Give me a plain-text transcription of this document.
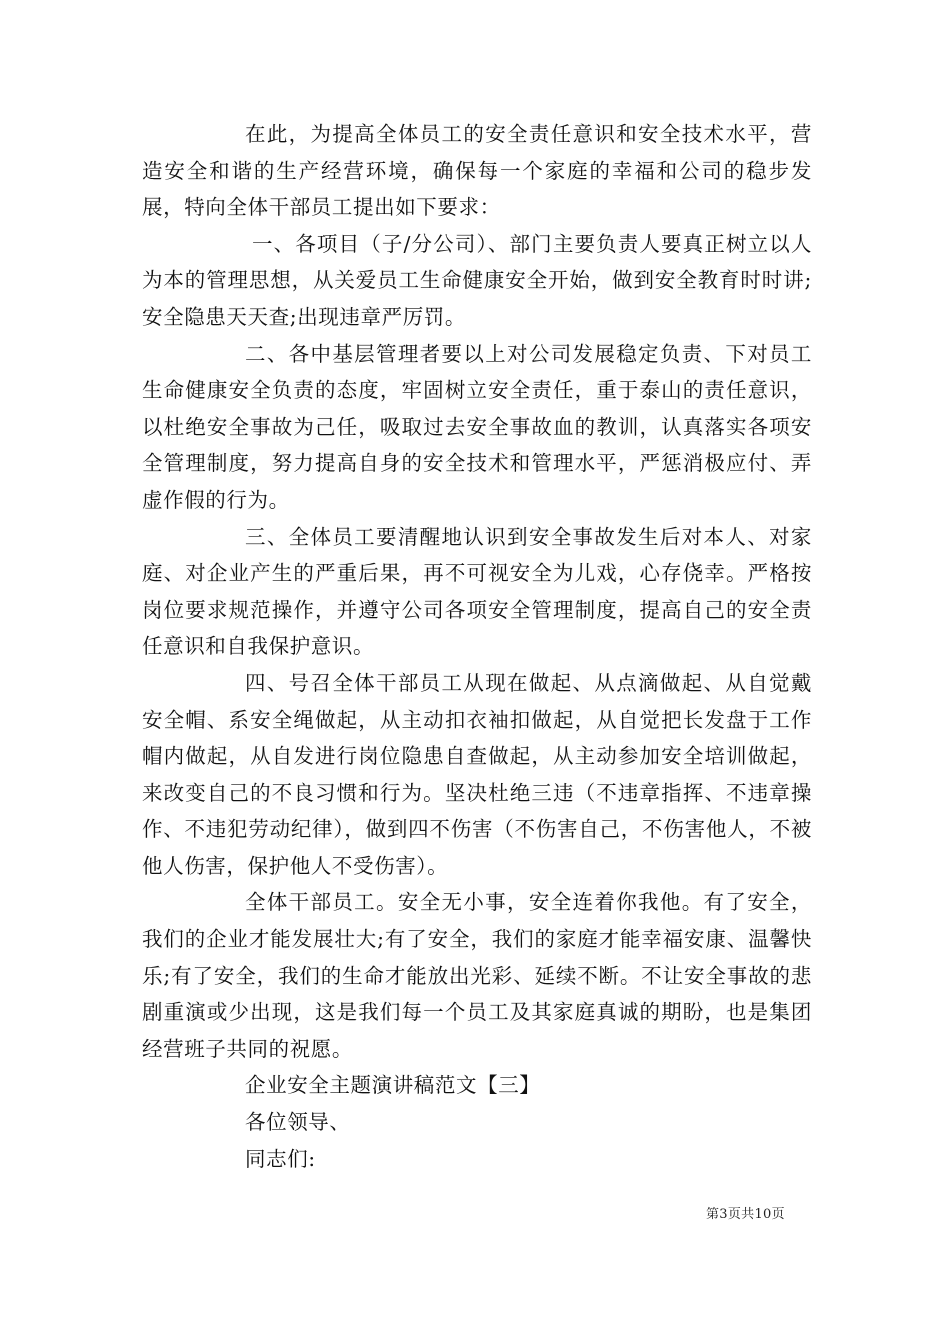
在此，为提高全体员工的安全责任意识和安全技术水平，营造安全和谐的生产经营环境，确保每一个家庭的幸福和公司的稳步发展，特向全体干部员工提出如下要求：

一、各项目（子/分公司）、部门主要负责人要真正树立以人为本的管理思想，从关爱员工生命健康安全开始，做到安全教育时时讲;安全隐患天天查;出现违章严厉罚。

二、各中基层管理者要以上对公司发展稳定负责、下对员工生命健康安全负责的态度，牢固树立安全责任，重于泰山的责任意识，以杜绝安全事故为己任，吸取过去安全事故血的教训，认真落实各项安全管理制度，努力提高自身的安全技术和管理水平，严惩消极应付、弄虚作假的行为。

三、全体员工要清醒地认识到安全事故发生后对本人、对家庭、对企业产生的严重后果，再不可视安全为儿戏，心存侥幸。严格按岗位要求规范操作，并遵守公司各项安全管理制度，提高自己的安全责任意识和自我保护意识。

四、号召全体干部员工从现在做起、从点滴做起、从自觉戴安全帽、系安全绳做起，从主动扣衣袖扣做起，从自觉把长发盘于工作帽内做起，从自发进行岗位隐患自查做起，从主动参加安全培训做起，来改变自己的不良习惯和行为。坚决杜绝三违（不违章指挥、不违章操作、不违犯劳动纪律），做到四不伤害（不伤害自己，不伤害他人，不被他人伤害，保护他人不受伤害）。

全体干部员工。安全无小事，安全连着你我他。有了安全，我们的企业才能发展壮大;有了安全，我们的家庭才能幸福安康、温馨快乐;有了安全，我们的生命才能放出光彩、延续不断。不让安全事故的悲剧重演或少出现，这是我们每一个员工及其家庭真诚的期盼，也是集团经营班子共同的祝愿。

企业安全主题演讲稿范文【三】

各位领导、

同志们:

第3页共10页
